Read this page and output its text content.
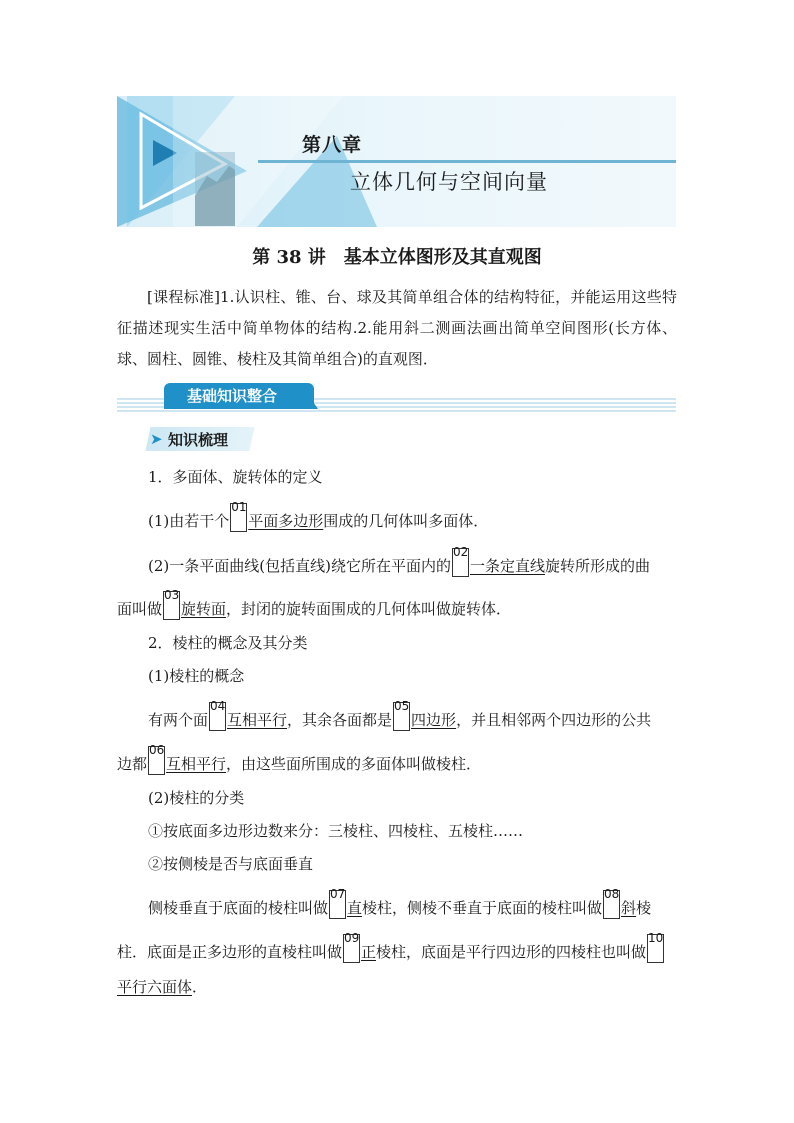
第八章
立体几何与空间向量
第 38 讲　基本立体图形及其直观图
[课程标准]1.认识柱、锥、台、球及其简单组合体的结构特征，并能运用这些特征描述现实生活中简单物体的结构.2.能用斜二测画法画出简单空间图形(长方体、球、圆柱、圆锥、棱柱及其简单组合)的直观图．
基础知识整合
➤ 知识梳理
1．多面体、旋转体的定义
(1)由若干个
01
平面多边形围成的几何体叫多面体．
(2)一条平面曲线(包括直线)绕它所在平面内的
02
一条定直线旋转所形成的曲
面叫做
03
旋转面，封闭的旋转面围成的几何体叫做旋转体．
2．棱柱的概念及其分类
(1)棱柱的概念
有两个面
04
互相平行，其余各面都是
05
四边形，并且相邻两个四边形的公共
边都
06
互相平行，由这些面所围成的多面体叫做棱柱．
(2)棱柱的分类
①按底面多边形边数来分：三棱柱、四棱柱、五棱柱……
②按侧棱是否与底面垂直
侧棱垂直于底面的棱柱叫做
07
直棱柱，侧棱不垂直于底面的棱柱叫做
08
斜棱
柱．底面是正多边形的直棱柱叫做
09
正棱柱，底面是平行四边形的四棱柱也叫做
10
平行六面体．
